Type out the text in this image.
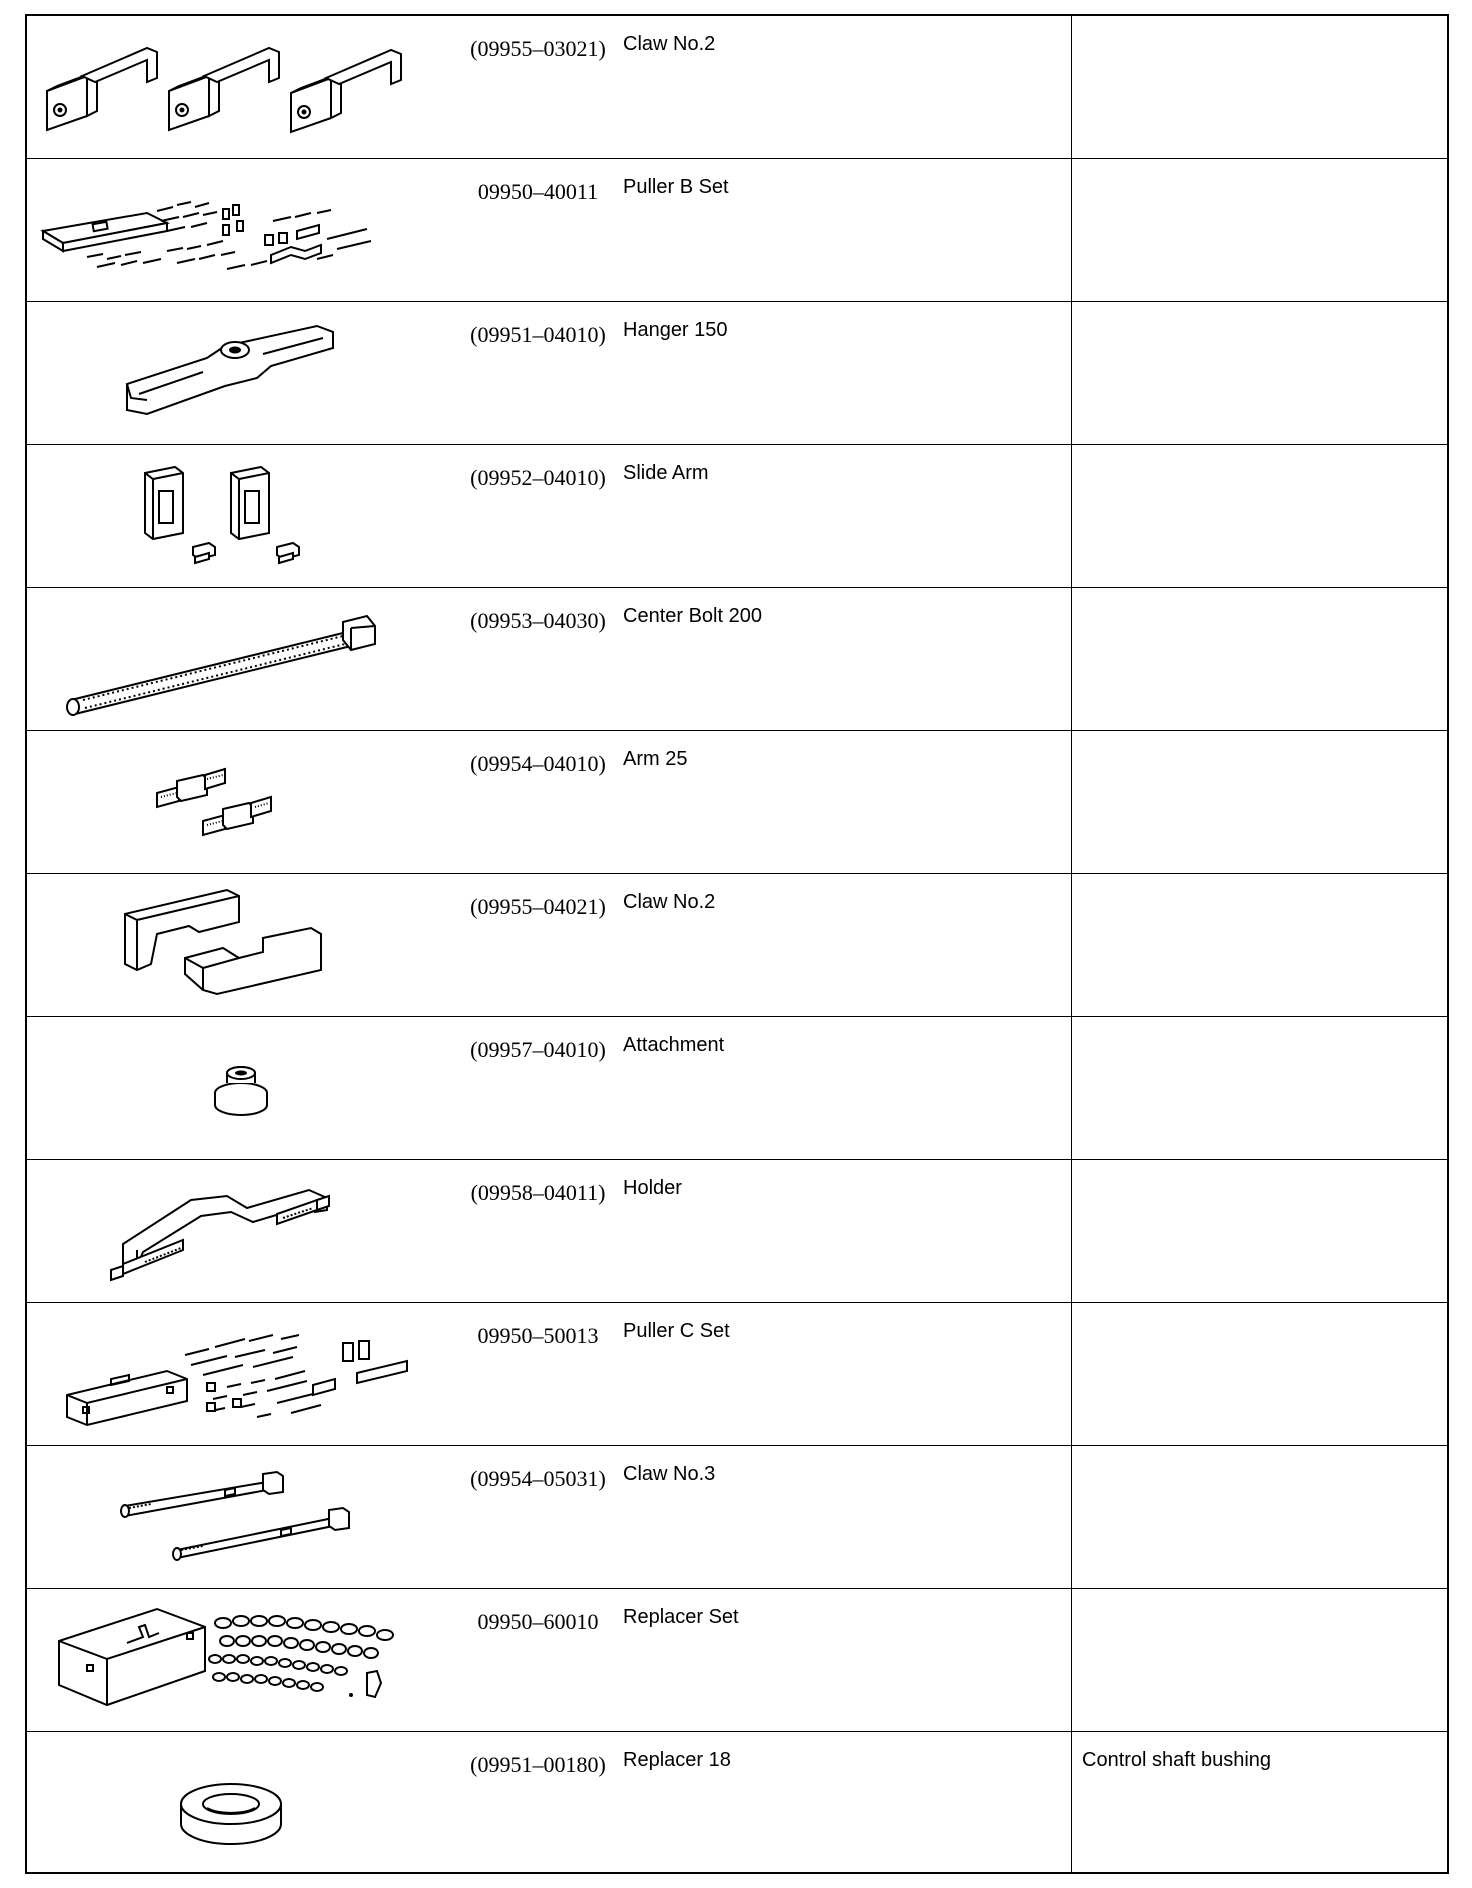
(09955–03021) Claw No.2
09950–40011	Puller B Set
(09951–04010) Hanger 150
(09952–04010) Slide Arm
(09953–04030) Center Bolt 200
(09954–04010) Arm 25
(09955–04021) Claw No.2
(09957–04010) Attachment
(09958–04011) Holder
09950–50013	Puller C Set
(09954–05031) Claw No.3
09950–60010	Replacer Set
(09951–00180) Replacer 18	Control shaft bushing
